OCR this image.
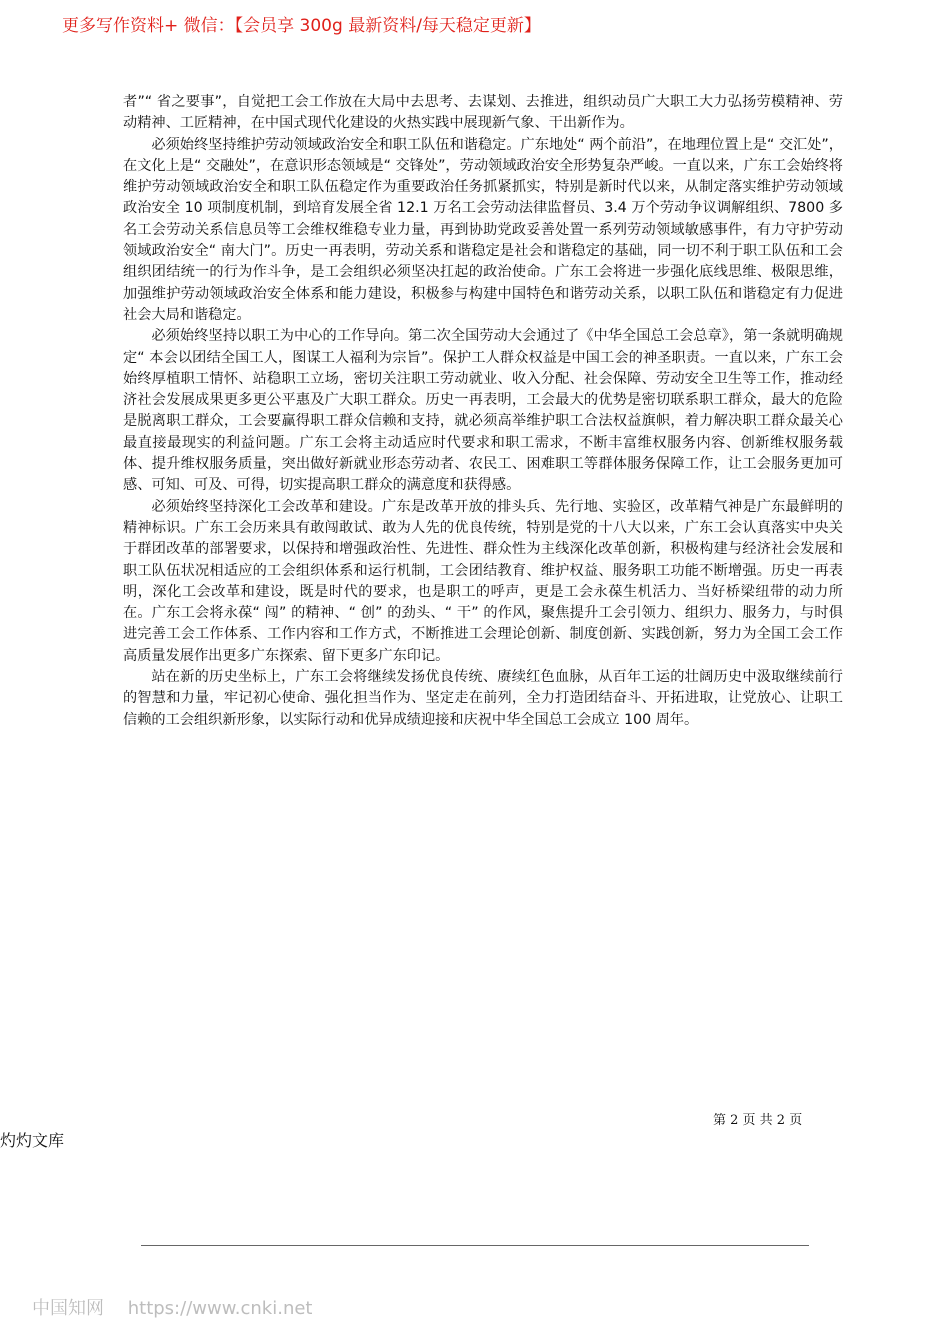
更多写作资料+ 微信：【会员享 300g 最新资料/每天稳定更新】

者”“ 省之要事”，自觉把工会工作放在大局中去思考、去谋划、去推进，组织动员广大职工大力弘扬劳模精神、劳动精神、工匠精神，在中国式现代化建设的火热实践中展现新气象、干出新作为。

必须始终坚持维护劳动领域政治安全和职工队伍和谐稳定。广东地处“ 两个前沿”，在地理位置上是“ 交汇处”，在文化上是“ 交融处”，在意识形态领域是“ 交锋处”，劳动领域政治安全形势复杂严峻。一直以来，广东工会始终将维护劳动领域政治安全和职工队伍稳定作为重要政治任务抓紧抓实，特别是新时代以来，从制定落实维护劳动领域政治安全 10 项制度机制，到培育发展全省 12.1 万名工会劳动法律监督员、3.4 万个劳动争议调解组织、7800 多名工会劳动关系信息员等工会维权维稳专业力量，再到协助党政妥善处置一系列劳动领域敏感事件，有力守护劳动领域政治安全“ 南大门”。历史一再表明，劳动关系和谐稳定是社会和谐稳定的基础，同一切不利于职工队伍和工会组织团结统一的行为作斗争，是工会组织必须坚决扛起的政治使命。广东工会将进一步强化底线思维、极限思维，加强维护劳动领域政治安全体系和能力建设，积极参与构建中国特色和谐劳动关系，以职工队伍和谐稳定有力促进社会大局和谐稳定。

必须始终坚持以职工为中心的工作导向。第二次全国劳动大会通过了《中华全国总工会总章》，第一条就明确规定“ 本会以团结全国工人，图谋工人福利为宗旨”。保护工人群众权益是中国工会的神圣职责。一直以来，广东工会始终厚植职工情怀、站稳职工立场，密切关注职工劳动就业、收入分配、社会保障、劳动安全卫生等工作，推动经济社会发展成果更多更公平惠及广大职工群众。历史一再表明，工会最大的优势是密切联系职工群众，最大的危险是脱离职工群众，工会要赢得职工群众信赖和支持，就必须高举维护职工合法权益旗帜，着力解决职工群众最关心最直接最现实的利益问题。广东工会将主动适应时代要求和职工需求，不断丰富维权服务内容、创新维权服务载体、提升维权服务质量，突出做好新就业形态劳动者、农民工、困难职工等群体服务保障工作，让工会服务更加可感、可知、可及、可得，切实提高职工群众的满意度和获得感。

必须始终坚持深化工会改革和建设。广东是改革开放的排头兵、先行地、实验区，改革精气神是广东最鲜明的精神标识。广东工会历来具有敢闯敢试、敢为人先的优良传统，特别是党的十八大以来，广东工会认真落实中央关于群团改革的部署要求，以保持和增强政治性、先进性、群众性为主线深化改革创新，积极构建与经济社会发展和职工队伍状况相适应的工会组织体系和运行机制，工会团结教育、维护权益、服务职工功能不断增强。历史一再表明，深化工会改革和建设，既是时代的要求，也是职工的呼声，更是工会永葆生机活力、当好桥梁纽带的动力所在。广东工会将永葆“ 闯” 的精神、“ 创” 的劲头、“ 干” 的作风，聚焦提升工会引领力、组织力、服务力，与时俱进完善工会工作体系、工作内容和工作方式，不断推进工会理论创新、制度创新、实践创新，努力为全国工会工作高质量发展作出更多广东探索、留下更多广东印记。

站在新的历史坐标上，广东工会将继续发扬优良传统、赓续红色血脉，从百年工运的壮阔历史中汲取继续前行的智慧和力量，牢记初心使命、强化担当作为、坚定走在前列，全力打造团结奋斗、开拓进取，让党放心、让职工信赖的工会组织新形象，以实际行动和优异成绩迎接和庆祝中华全国总工会成立 100 周年。

第 2 页 共 2 页
灼灼文库
中国知网 https://www.cnki.net
